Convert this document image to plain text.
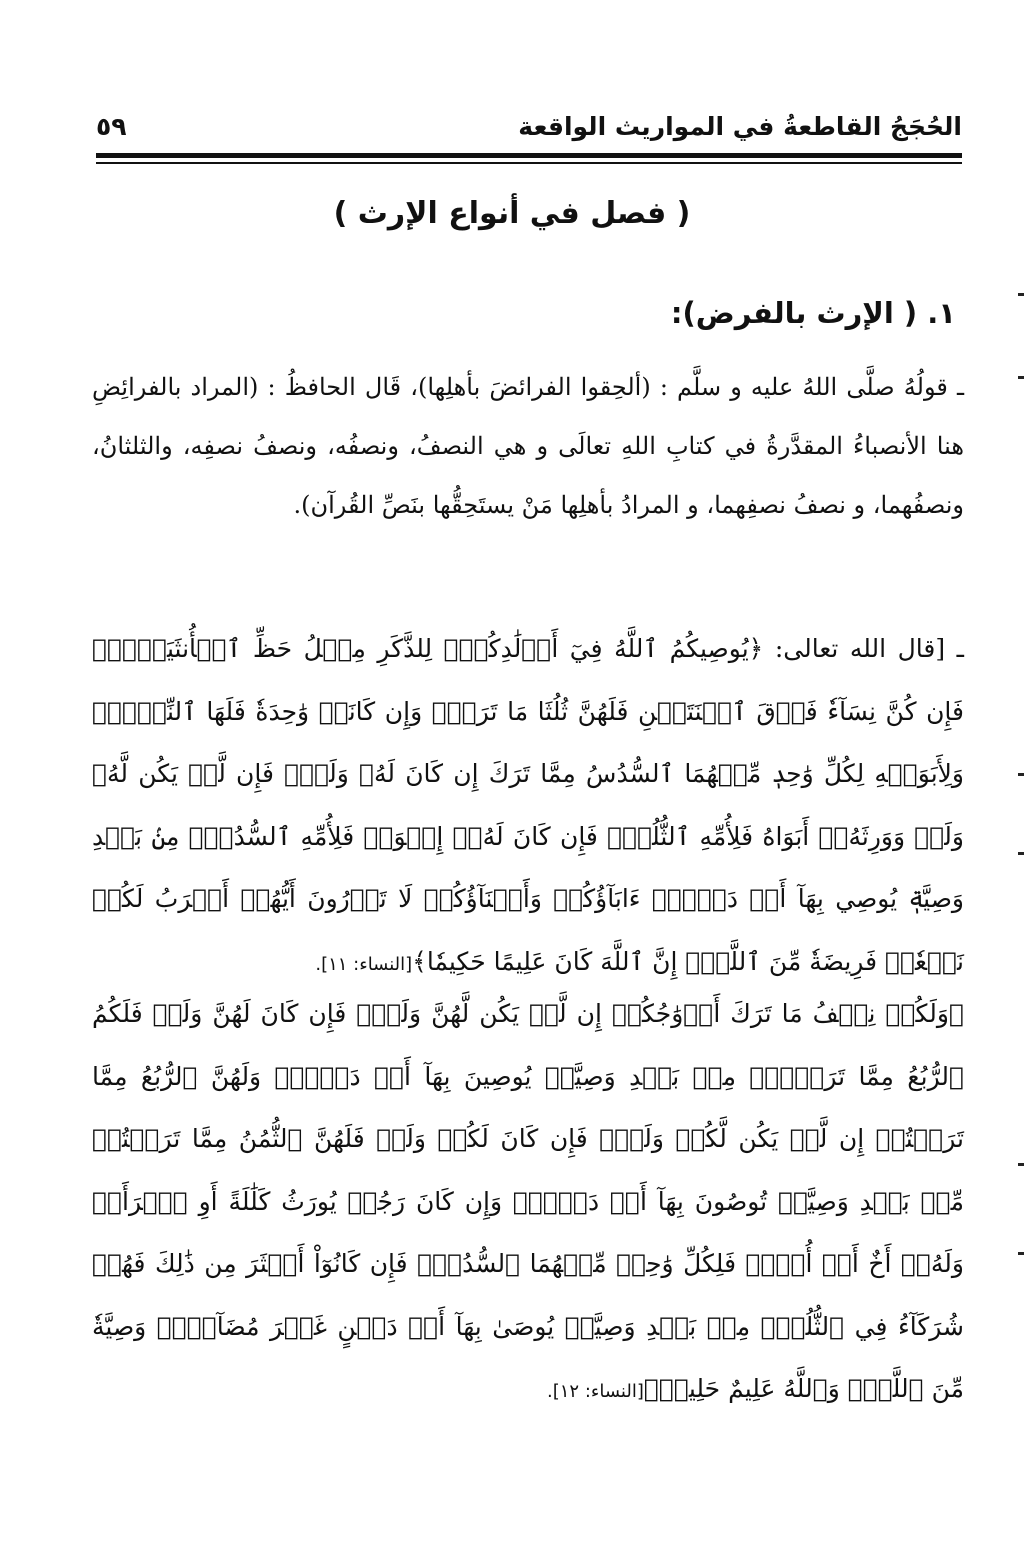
الحُجَجُ القاطعةُ في المواريث الواقعة
٥٩
( فصل في أنواع الإرث )
١. ( الإرث بالفرض):
ـ قولُهُ صلَّى اللهُ عليه و سلَّم : (ألحِقوا الفرائضَ بأهلِها)، قَال الحافظُ : (المراد بالفرائِضِ هنا الأنصباءُ المقدَّرةُ في كتابِ اللهِ تعالَى و هي النصفُ، ونصفُه، ونصفُ نصفِه، والثلثانُ، ونصفُهما، و نصفُ نصفِهما، و المرادُ بأهلِها مَنْ يستَحِقُّها بنَصِّ القُرآن).
ـ [قال الله تعالى: ﴿يُوصِيكُمُ ٱللَّهُ فِيٓ أَوۡلَٰدِكُمۡۖ لِلذَّكَرِ مِثۡلُ حَظِّ ٱلۡأُنثَيَيۡنِۚ فَإِن كُنَّ نِسَآءٗ فَوۡقَ ٱثۡنَتَيۡنِ فَلَهُنَّ ثُلُثَا مَا تَرَكَۖ وَإِن كَانَتۡ وَٰحِدَةٗ فَلَهَا ٱلنِّصۡفُۚ وَلِأَبَوَيۡهِ لِكُلِّ وَٰحِدٖ مِّنۡهُمَا ٱلسُّدُسُ مِمَّا تَرَكَ إِن كَانَ لَهُۥ وَلَدٞۚ فَإِن لَّمۡ يَكُن لَّهُۥ وَلَدٞ وَوَرِثَهُۥٓ أَبَوَاهُ فَلِأُمِّهِ ٱلثُّلُثُۚ فَإِن كَانَ لَهُۥٓ إِخۡوَةٞ فَلِأُمِّهِ ٱلسُّدُسُۚ مِنۢ بَعۡدِ وَصِيَّةٖ يُوصِي بِهَآ أَوۡ دَيۡنٍۗ ءَابَآؤُكُمۡ وَأَبۡنَآؤُكُمۡ لَا تَدۡرُونَ أَيُّهُمۡ أَقۡرَبُ لَكُمۡ نَفۡعٗاۚ فَرِيضَةٗ مِّنَ ٱللَّهِۗ إِنَّ ٱللَّهَ كَانَ عَلِيمًا حَكِيمٗا﴾[النساء: ١١].
﴿وَلَكُمۡ نِصۡفُ مَا تَرَكَ أَزۡوَٰجُكُمۡ إِن لَّمۡ يَكُن لَّهُنَّ وَلَدٞۚ فَإِن كَانَ لَهُنَّ وَلَدٞ فَلَكُمُ ٱلرُّبُعُ مِمَّا تَرَكۡنَۚ مِنۢ بَعۡدِ وَصِيَّةٖ يُوصِينَ بِهَآ أَوۡ دَيۡنٖۚ وَلَهُنَّ ٱلرُّبُعُ مِمَّا تَرَكۡتُمۡ إِن لَّمۡ يَكُن لَّكُمۡ وَلَدٞۚ فَإِن كَانَ لَكُمۡ وَلَدٞ فَلَهُنَّ ٱلثُّمُنُ مِمَّا تَرَكۡتُمۚ مِّنۢ بَعۡدِ وَصِيَّةٖ تُوصُونَ بِهَآ أَوۡ دَيۡنٖۗ وَإِن كَانَ رَجُلٞ يُورَثُ كَلَٰلَةً أَوِ ٱمۡرَأَةٞ وَلَهُۥٓ أَخٌ أَوۡ أُخۡتٞ فَلِكُلِّ وَٰحِدٖ مِّنۡهُمَا ٱلسُّدُسُۚ فَإِن كَانُوٓاْ أَكۡثَرَ مِن ذَٰلِكَ فَهُمۡ شُرَكَآءُ فِي ٱلثُّلُثِۚ مِنۢ بَعۡدِ وَصِيَّةٖ يُوصَىٰ بِهَآ أَوۡ دَيۡنٍ غَيۡرَ مُضَآرّٖۚ وَصِيَّةٗ مِّنَ ٱللَّهِۗ وَٱللَّهُ عَلِيمٌ حَلِيمٞ﴾[النساء: ١٢].
